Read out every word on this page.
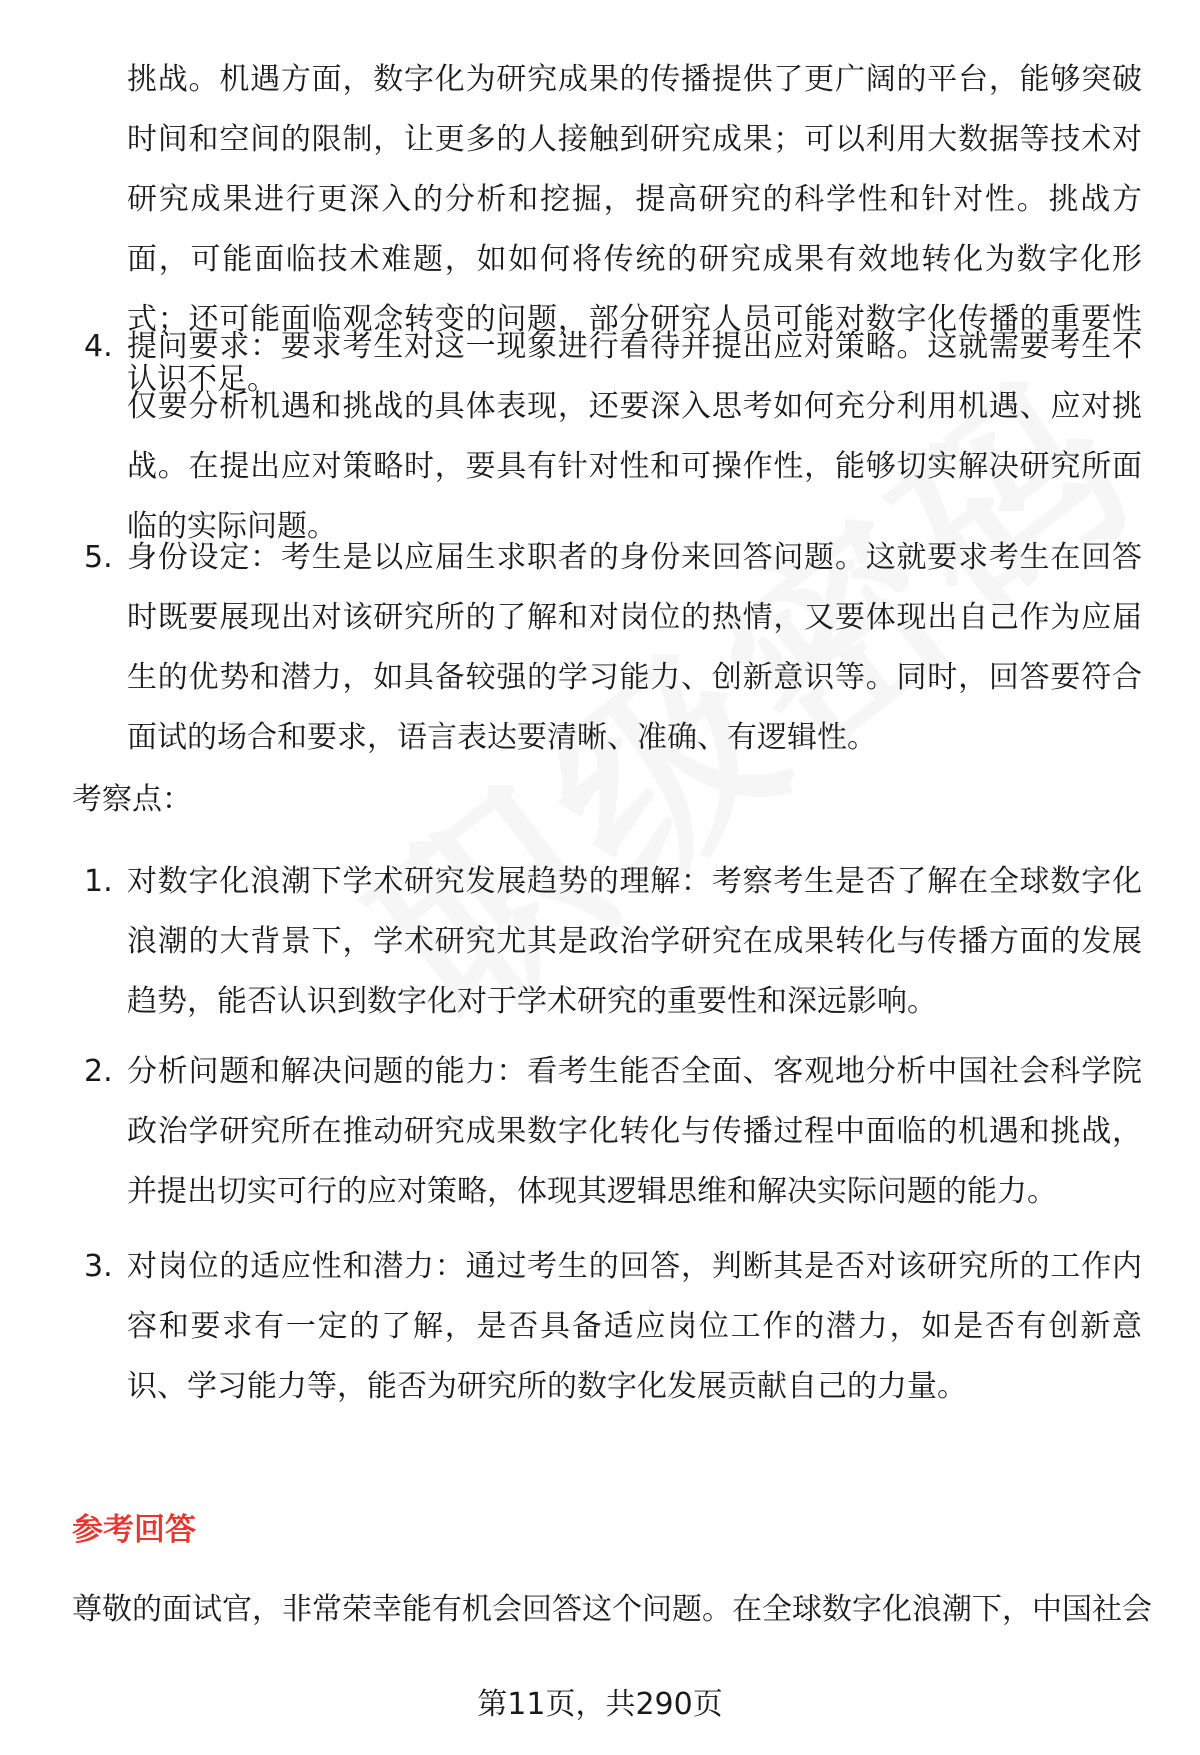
挑战。机遇方面，数字化为研究成果的传播提供了更广阔的平台，能够突破时间和空间的限制，让更多的人接触到研究成果；可以利用大数据等技术对研究成果进行更深入的分析和挖掘，提高研究的科学性和针对性。挑战方面，可能面临技术难题，如如何将传统的研究成果有效地转化为数字化形式；还可能面临观念转变的问题，部分研究人员可能对数字化传播的重要性认识不足。
4. 提问要求：要求考生对这一现象进行看待并提出应对策略。这就需要考生不仅要分析机遇和挑战的具体表现，还要深入思考如何充分利用机遇、应对挑战。在提出应对策略时，要具有针对性和可操作性，能够切实解决研究所面临的实际问题。
5. 身份设定：考生是以应届生求职者的身份来回答问题。这就要求考生在回答时既要展现出对该研究所的了解和对岗位的热情，又要体现出自己作为应届生的优势和潜力，如具备较强的学习能力、创新意识等。同时，回答要符合面试的场合和要求，语言表达要清晰、准确、有逻辑性。
考察点：
1. 对数字化浪潮下学术研究发展趋势的理解：考察考生是否了解在全球数字化浪潮的大背景下，学术研究尤其是政治学研究在成果转化与传播方面的发展趋势，能否认识到数字化对于学术研究的重要性和深远影响。
2. 分析问题和解决问题的能力：看考生能否全面、客观地分析中国社会科学院政治学研究所在推动研究成果数字化转化与传播过程中面临的机遇和挑战，并提出切实可行的应对策略，体现其逻辑思维和解决实际问题的能力。
3. 对岗位的适应性和潜力：通过考生的回答，判断其是否对该研究所的工作内容和要求有一定的了解，是否具备适应岗位工作的潜力，如是否有创新意识、学习能力等，能否为研究所的数字化发展贡献自己的力量。
参考回答
尊敬的面试官，非常荣幸能有机会回答这个问题。在全球数字化浪潮下，中国社会
第11页，共290页
